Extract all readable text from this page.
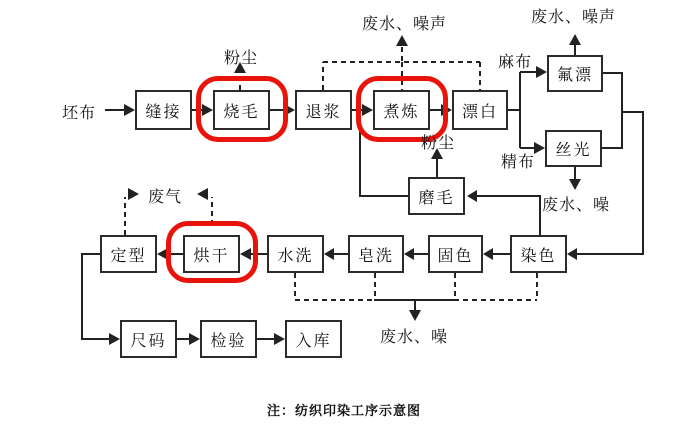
缝接	烧毛	退浆	煮炼	漂白
氟漂
丝光
磨毛
定型	烘干	水洗	皂洗	固色	染色
尺码	检验	入库
坯布
粉尘
废水、噪声	废水、噪声
麻布
精布
废水、噪
粉尘
废气
废水、噪
注：纺织印染工序示意图
